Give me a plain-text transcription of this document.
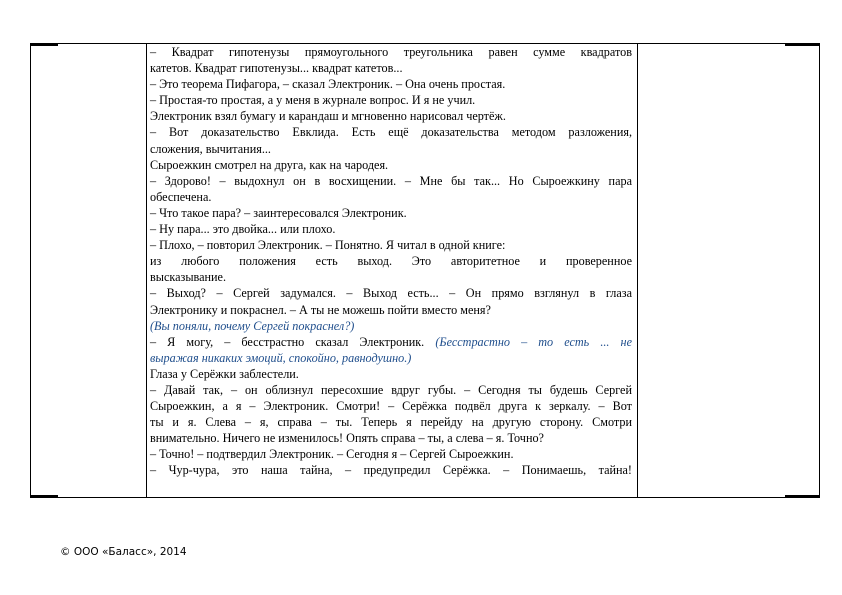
– Квадрат гипотенузы прямоугольного треугольника равен сумме квадратов

катетов. Квадрат гипотенузы... квадрат катетов...

– Это теорема Пифагора, – сказал Электроник. – Она очень простая.

– Простая-то простая, а у меня в журнале вопрос. И я не учил.

Электроник взял бумагу и карандаш и мгновенно нарисовал чертёж.

– Вот доказательство Евклида. Есть ещё доказательства методом разложения,

сложения, вычитания...

Сыроежкин смотрел на друга, как на чародея.

– Здорово! – выдохнул он в восхищении. – Мне бы так... Но Сыроежкину пара

обеспечена.

– Что такое пара? – заинтересовался Электроник.

– Ну пара... это двойка... или плохо.

– Плохо, – повторил Электроник. – Понятно. Я читал в одной книге:

из любого положения есть выход. Это авторитетное и проверенное

высказывание.

– Выход? – Сергей задумался. – Выход есть... – Он прямо взглянул в глаза

Электронику и покраснел. – А ты не можешь пойти вместо меня?

(Вы поняли, почему Сергей покраснел?)

– Я могу, – бесстрастно сказал Электроник. (Бесстрастно – то есть ... не

выражая никаких эмоций, спокойно, равнодушно.)

Глаза у Серёжки заблестели.

– Давай так, – он облизнул пересохшие вдруг губы. – Сегодня ты будешь Сергей

Сыроежкин, а я – Электроник. Смотри! – Серёжка подвёл друга к зеркалу. – Вот

ты и я. Слева – я, справа – ты. Теперь я перейду на другую сторону. Смотри

внимательно. Ничего не изменилось! Опять справа – ты, а слева – я. Точно?

– Точно! – подтвердил Электроник. – Сегодня я – Сергей Сыроежкин.

– Чур-чура, это наша тайна, – предупредил Серёжка. – Понимаешь, тайна!

© ООО «Баласс», 2014
